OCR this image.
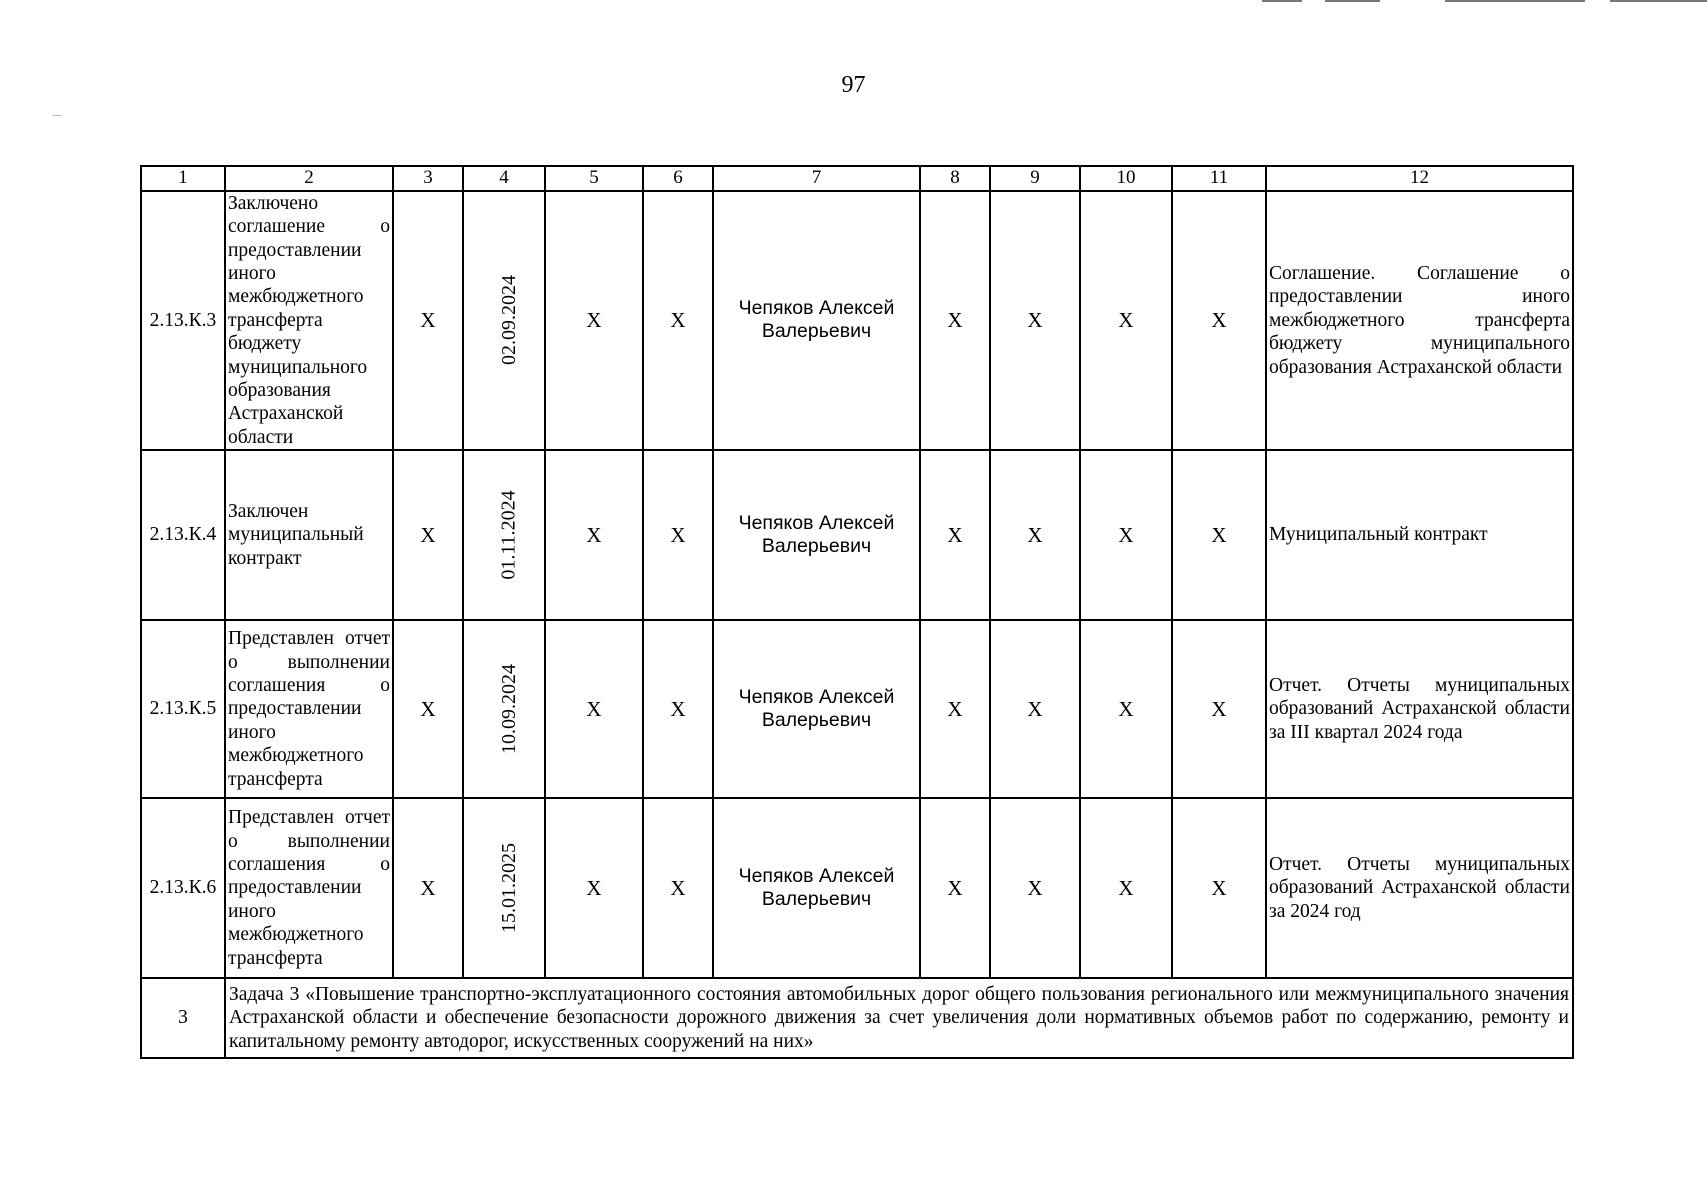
97
1	2	3	4	5	6	7	8	9	10	11	12
2.13.К.3	Заключено соглашение о предоставлении иного межбюджетного трансферта бюджету муниципального образования Астраханской области	X	02.09.2024	X	X	Чепяков Алексей Валерьевич	X	X	X	X	Соглашение. Соглашение о предоставлении иного межбюджетного трансферта бюджету муниципального образования Астраханской области
2.13.К.4	Заключен муниципальный контракт	X	01.11.2024	X	X	Чепяков Алексей Валерьевич	X	X	X	X	Муниципальный контракт
2.13.К.5	Представлен отчет о выполнении соглашения о предоставлении иного межбюджетного трансферта	X	10.09.2024	X	X	Чепяков Алексей Валерьевич	X	X	X	X	Отчет. Отчеты муниципальных образований Астраханской области за III квартал 2024 года
2.13.К.6	Представлен отчет о выполнении соглашения о предоставлении иного межбюджетного трансферта	X	15.01.2025	X	X	Чепяков Алексей Валерьевич	X	X	X	X	Отчет. Отчеты муниципальных образований Астраханской области за 2024 год
3	Задача 3 «Повышение транспортно-эксплуатационного состояния автомобильных дорог общего пользования регионального или межмуниципального значения Астраханской области и обеспечение безопасности дорожного движения за счет увеличения доли нормативных объемов работ по содержанию, ремонту и капитальному ремонту автодорог, искусственных сооружений на них»										
